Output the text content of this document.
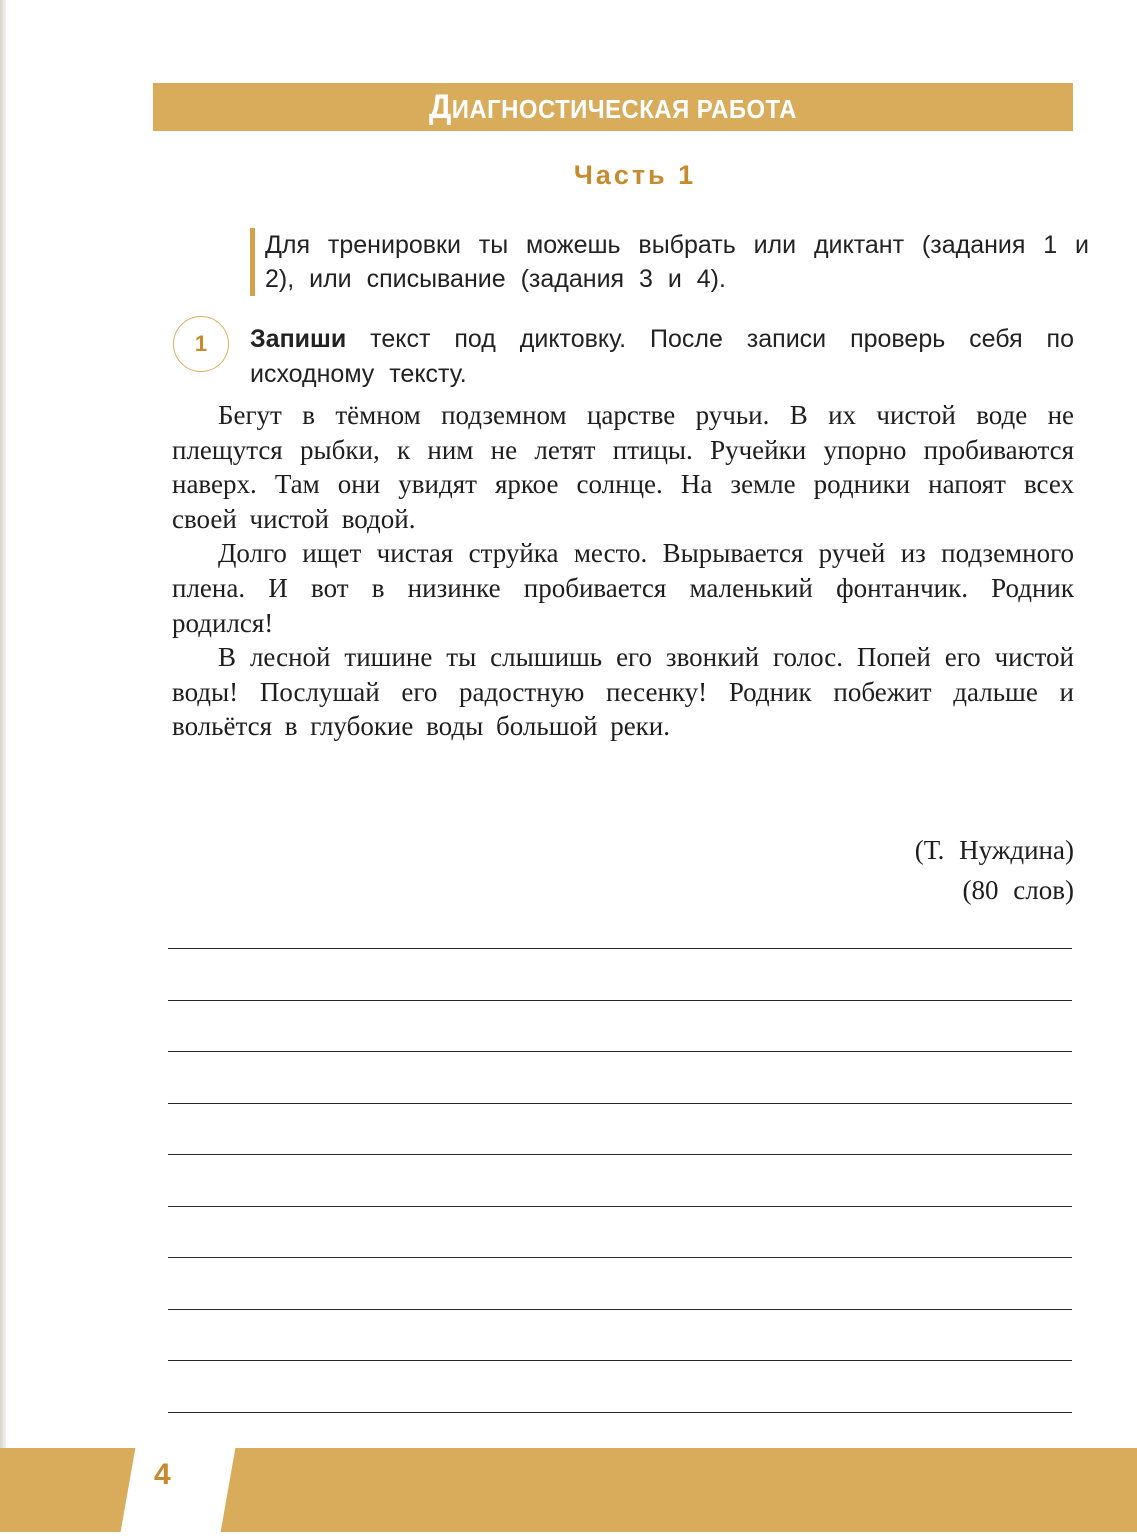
ДИАГНОСТИЧЕСКАЯ РАБОТА
Часть 1
Для тренировки ты можешь выбрать или диктант (задания 1 и 2), или списывание (задания 3 и 4).
1	Запиши текст под диктовку. После записи проверь себя по исходному тексту.

Бегут в тёмном подземном царстве ручьи. В их чистой воде не плещутся рыбки, к ним не летят птицы. Ручейки упорно пробиваются наверх. Там они увидят яркое солнце. На земле родники напоят всех своей чистой водой.

Долго ищет чистая струйка место. Вырывается ручей из подземного плена. И вот в низинке пробивается маленький фонтанчик. Родник родился!

В лесной тишине ты слышишь его звонкий голос. Попей его чистой воды! Послушай его радостную песенку! Родник побежит дальше и вольётся в глубокие воды большой реки.

(Т. Нуждина)
(80 слов)
4
